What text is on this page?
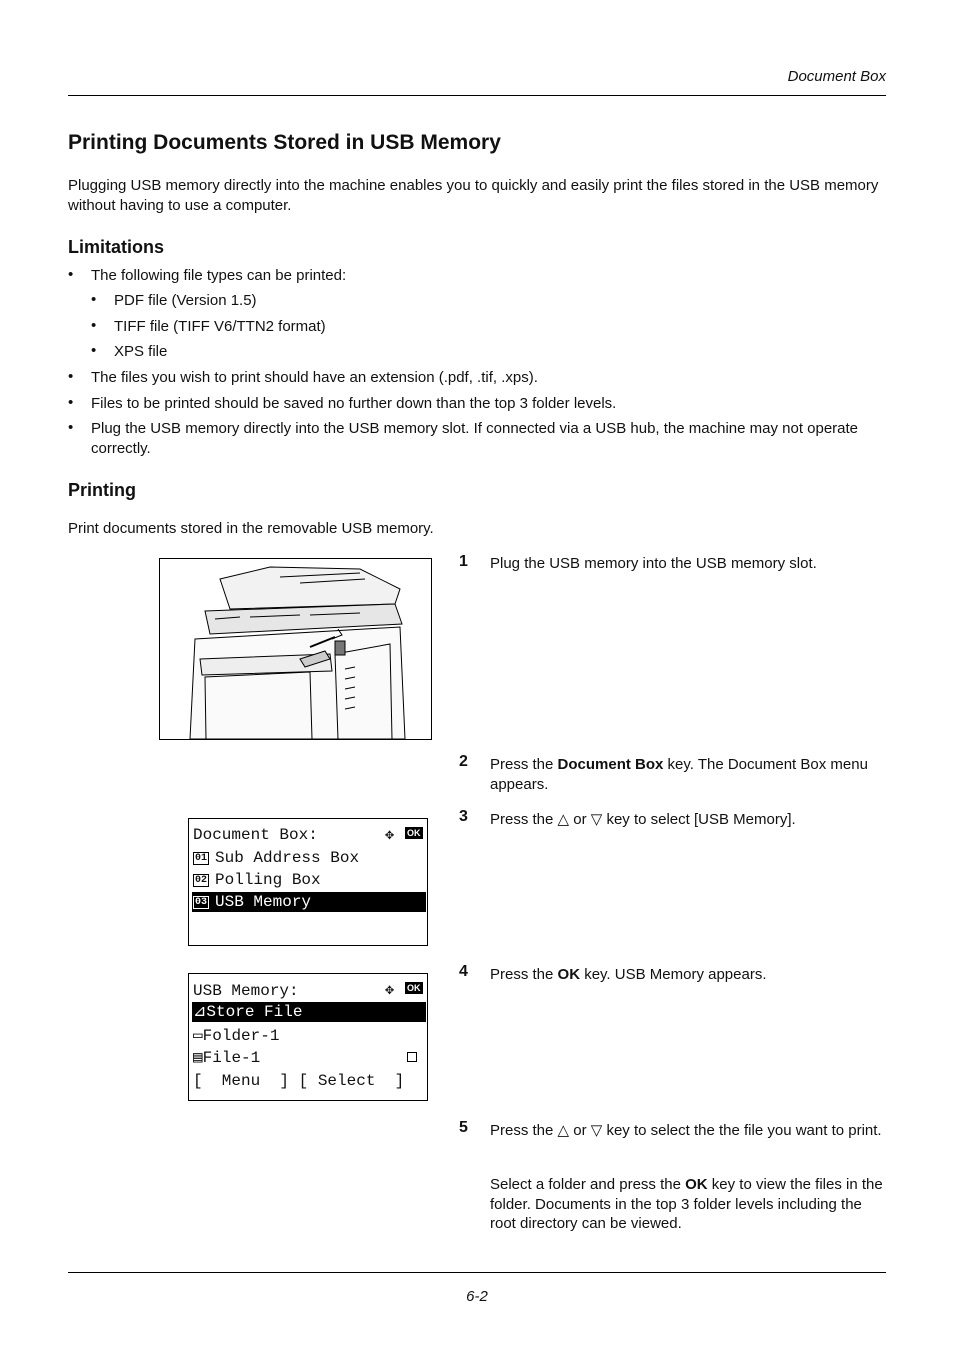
Document Box
Printing Documents Stored in USB Memory
Plugging USB memory directly into the machine enables you to quickly and easily print the files stored in the USB memory without having to use a computer.
Limitations
• The following file types can be printed:
• PDF file (Version 1.5)
• TIFF file (TIFF V6/TTN2 format)
• XPS file
• The files you wish to print should have an extension (.pdf, .tif, .xps).
• Files to be printed should be saved no further down than the top 3 folder levels.
• Plug the USB memory directly into the USB memory slot. If connected via a USB hub, the machine may not operate correctly.
Printing
Print documents stored in the removable USB memory.
1 Plug the USB memory into the USB memory slot.
2 Press the Document Box key. The Document Box menu appears.
3 Press the △ or ▽ key to select [USB Memory].
4 Press the OK key. USB Memory appears.
5 Press the △ or ▽ key to select the the file you want to print.
Select a folder and press the OK key to view the files in the folder. Documents in the top 3 folder levels including the root directory can be viewed.
Document Box:	✥ OK
01 Sub Address Box
02 Polling Box
03 USB Memory
USB Memory:	✥ OK
⊿Store File
▭Folder-1
▤File-1
[  Menu  ] [ Select  ]
6-2
